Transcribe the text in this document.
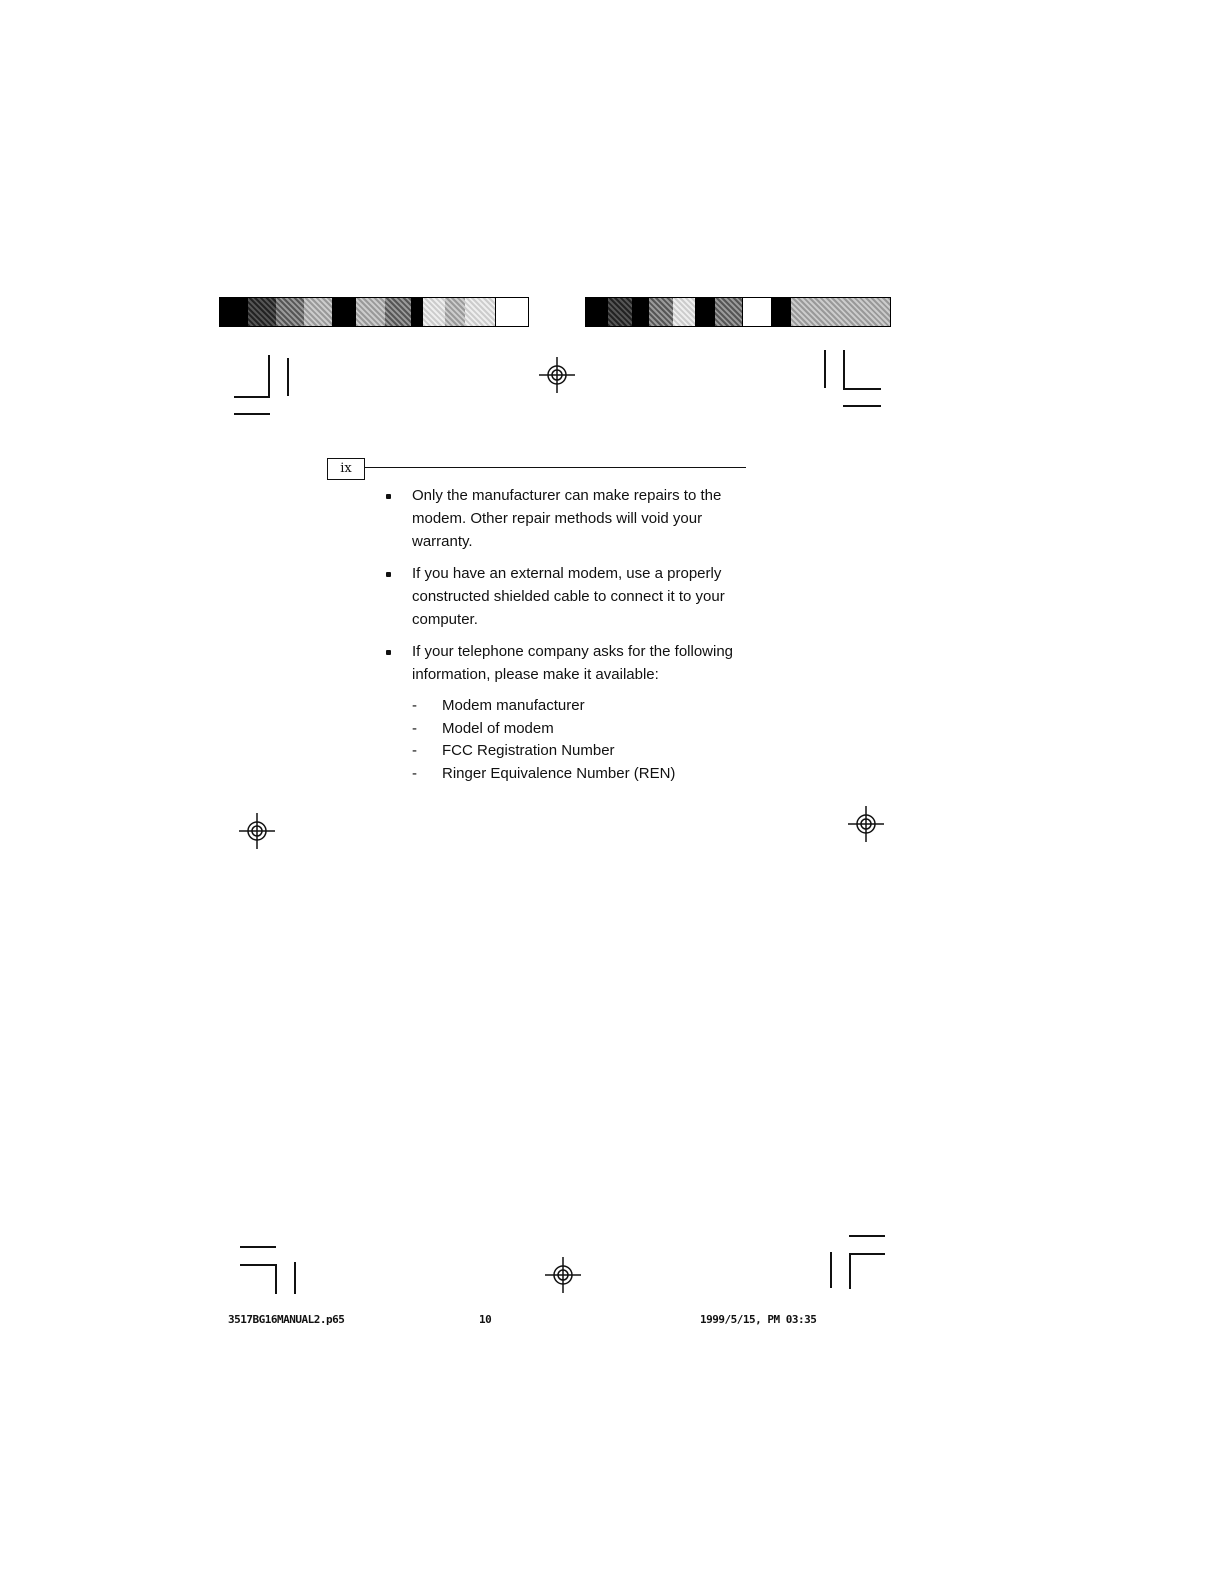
ix
Only the manufacturer can make repairs to the modem. Other repair methods will void your warranty.
If you have an external modem, use a properly constructed shielded cable to connect it to your computer.
If your telephone company asks for the following information, please make it available:
- Modem manufacturer
- Model of modem
- FCC Registration Number
- Ringer Equivalence Number (REN)
3517BG16MANUAL2.p65	10	1999/5/15, PM 03:35
